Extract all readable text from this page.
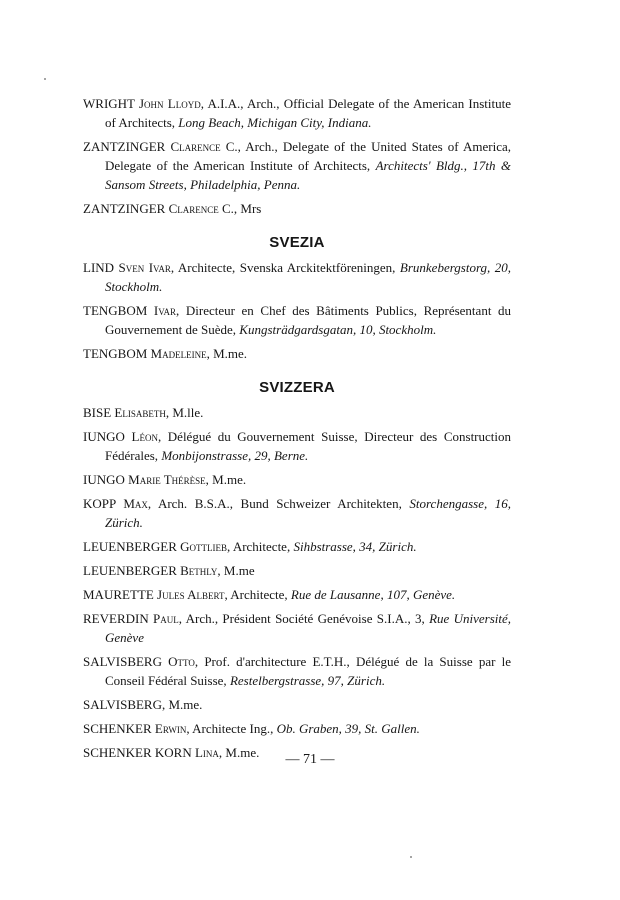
WRIGHT John Lloyd, A.I.A., Arch., Official Delegate of the American Institute of Architects, Long Beach, Michigan City, Indiana.
ZANTZINGER Clarence C., Arch., Delegate of the United States of America, Delegate of the American Institute of Architects, Architects' Bldg., 17th & Sansom Streets, Philadelphia, Penna.
ZANTZINGER Clarence C., Mrs
SVEZIA
LIND Sven Ivar, Architecte, Svenska Arckitektföreningen, Brunkebergstorg, 20, Stockholm.
TENGBOM Ivar, Directeur en Chef des Bâtiments Publics, Représentant du Gouvernement de Suède, Kungsträdgardsgatan, 10, Stockholm.
TENGBOM Madeleine, M.me.
SVIZZERA
BISE Elisabeth, M.lle.
IUNGO Léon, Délégué du Gouvernement Suisse, Directeur des Construction Fédérales, Monbijonstrasse, 29, Berne.
IUNGO Marie Thérèse, M.me.
KOPP Max, Arch. B.S.A., Bund Schweizer Architekten, Storchengasse, 16, Zürich.
LEUENBERGER Gottlieb, Architecte, Sihbstrasse, 34, Zürich.
LEUENBERGER Bethly, M.me
MAURETTE Jules Albert, Architecte, Rue de Lausanne, 107, Genève.
REVERDIN Paul, Arch., Président Société Genévoise S.I.A., 3, Rue Université, Genève
SALVISBERG Otto, Prof. d'architecture E.T.H., Délégué de la Suisse par le Conseil Fédéral Suisse, Restelbergstrasse, 97, Zürich.
SALVISBERG, M.me.
SCHENKER Erwin, Architecte Ing., Ob. Graben, 39, St. Gallen.
SCHENKER KORN Lina, M.me.	— 71 —
